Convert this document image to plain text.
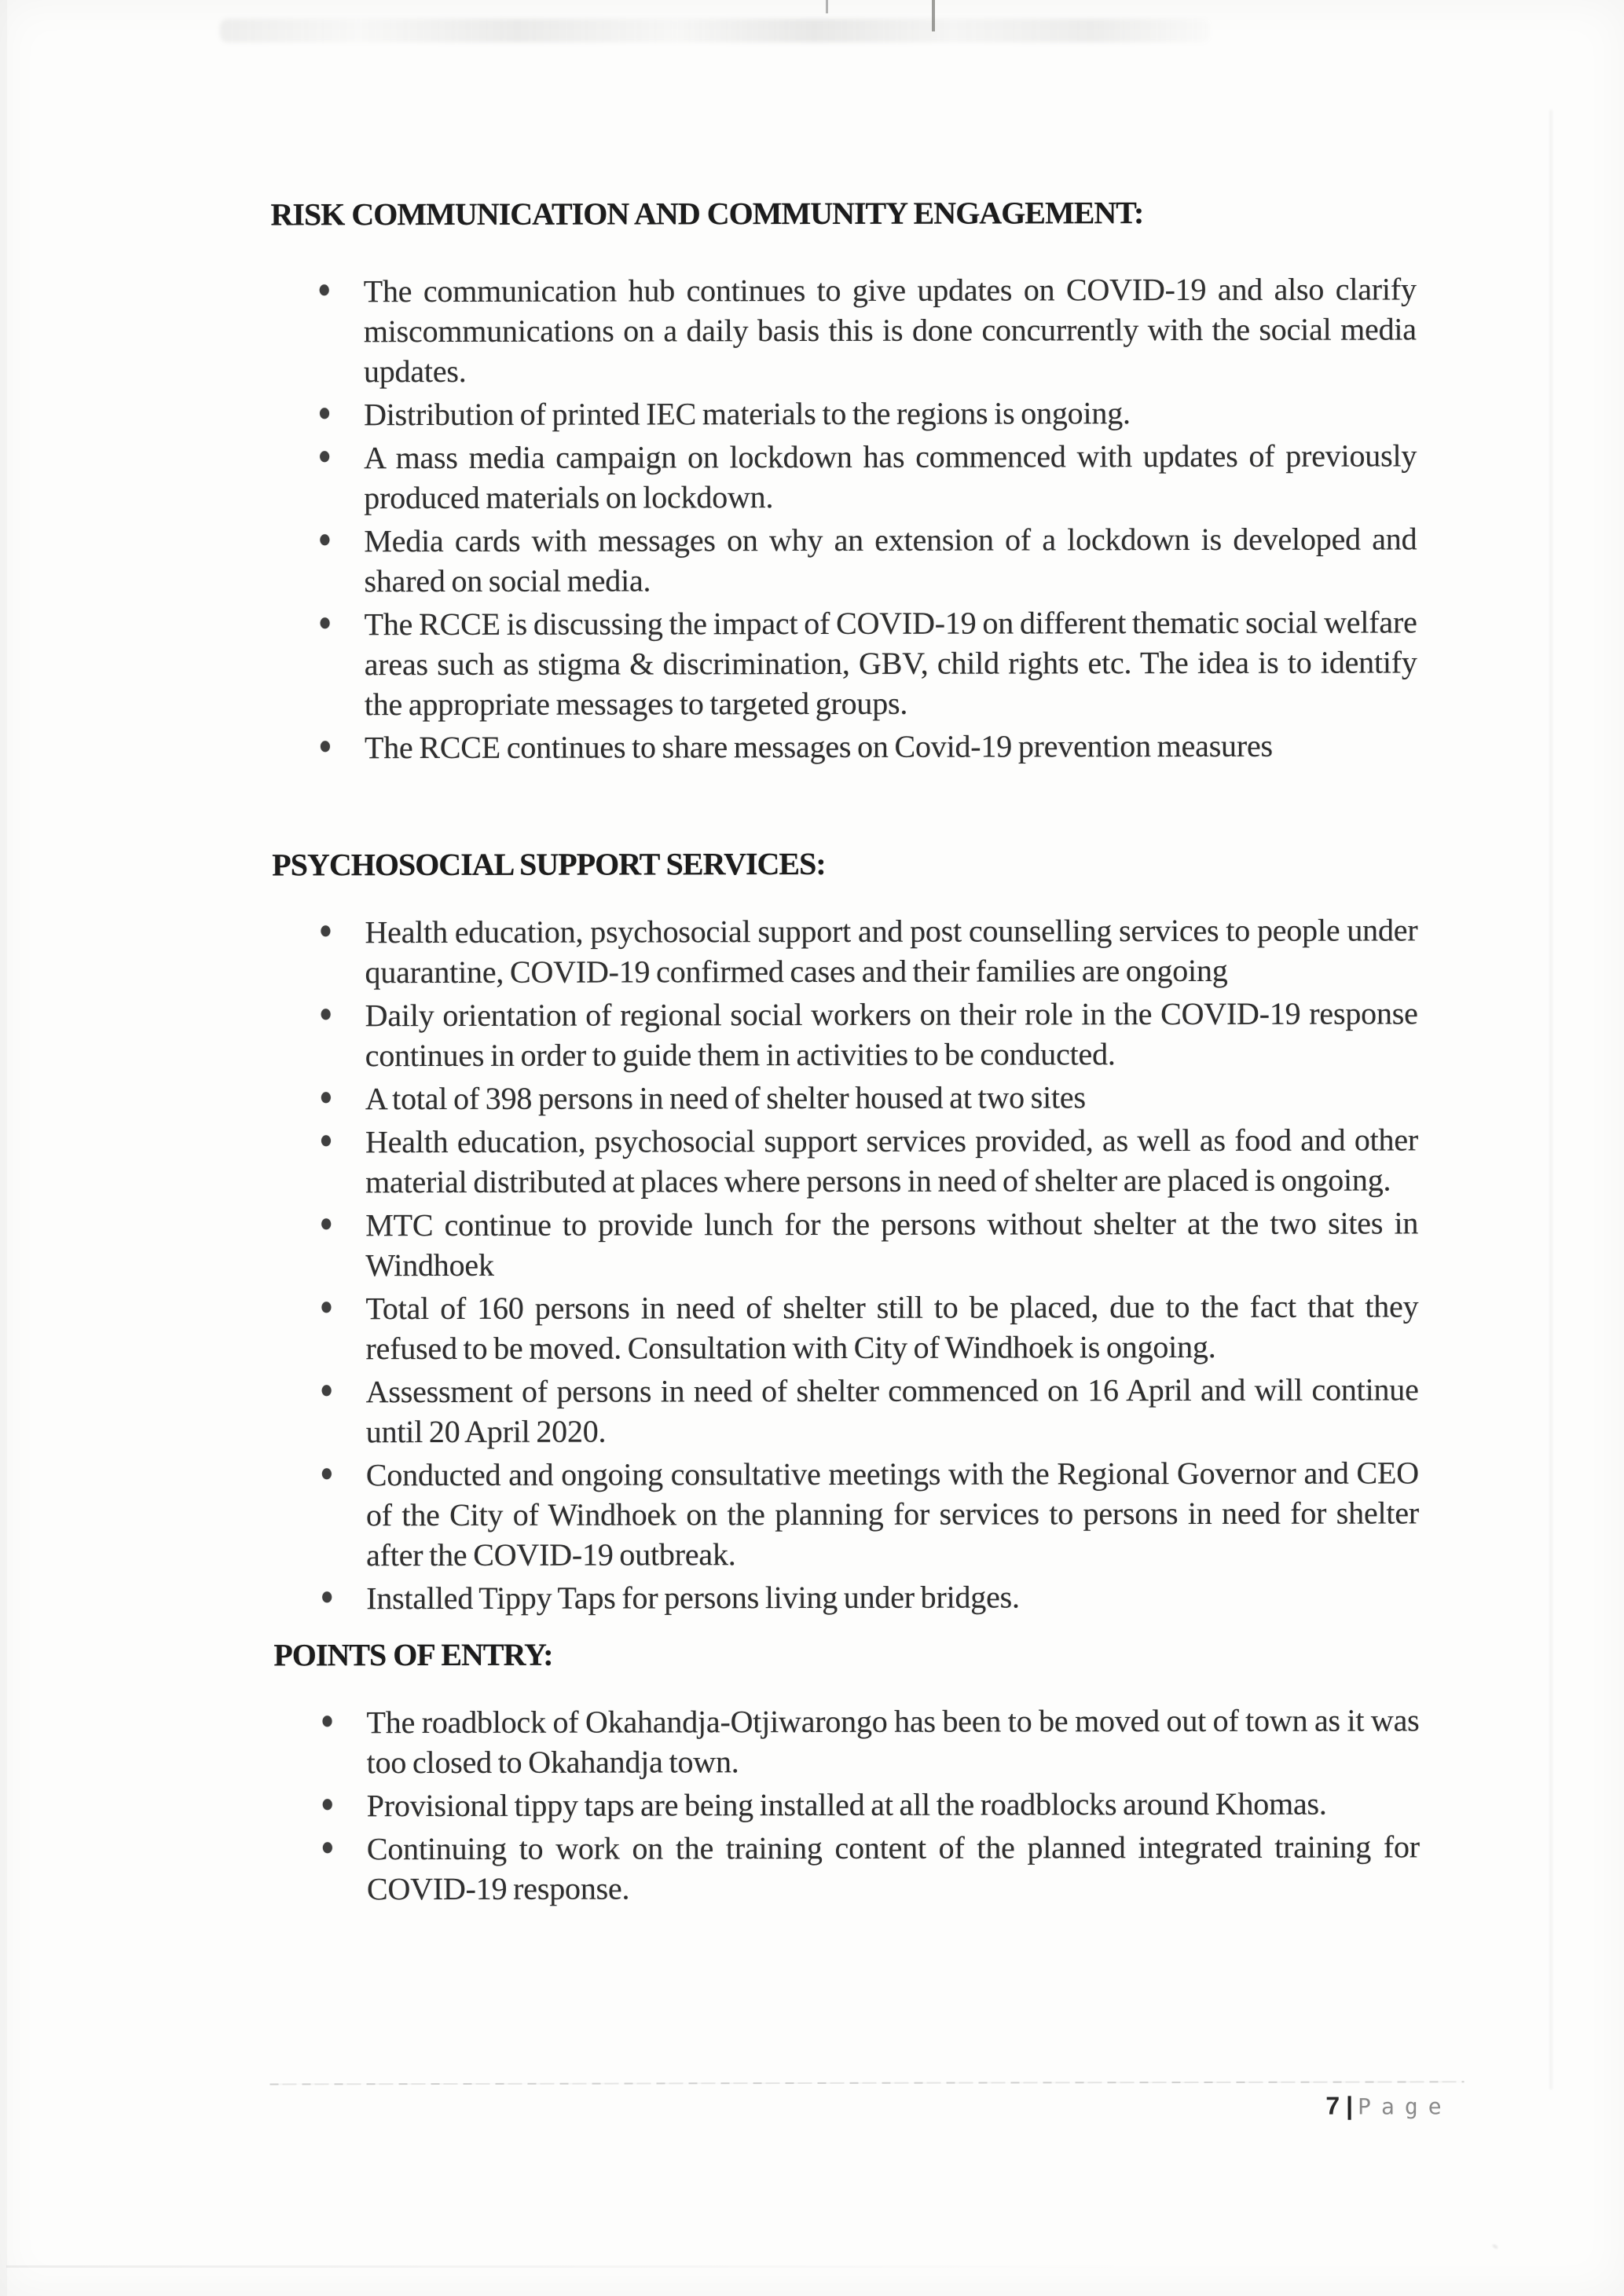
RISK COMMUNICATION AND COMMUNITY ENGAGEMENT:
The communication hub continues to give updates on COVID-19 and also clarify miscommunications on a daily basis this is done concurrently with the social media updates.
Distribution of printed IEC materials to the regions is ongoing.
A mass media campaign on lockdown has commenced with updates of previously produced materials on lockdown.
Media cards with messages on why an extension of a lockdown is developed and shared on social media.
The RCCE is discussing the impact of COVID-19 on different thematic social welfare areas such as stigma & discrimination, GBV, child rights etc. The idea is to identify the appropriate messages to targeted groups.
The RCCE continues to share messages on Covid-19 prevention measures
PSYCHOSOCIAL SUPPORT SERVICES:
Health education, psychosocial support and post counselling services to people under quarantine, COVID-19 confirmed cases and their families are ongoing
Daily orientation of regional social workers on their role in the COVID-19 response continues in order to guide them in activities to be conducted.
A total of 398 persons in need of shelter housed at two sites
Health education, psychosocial support services provided, as well as food and other material distributed at places where persons in need of shelter are placed is ongoing.
MTC continue to provide lunch for the persons without shelter at the two sites in Windhoek
Total of 160 persons in need of shelter still to be placed, due to the fact that they refused to be moved. Consultation with City of Windhoek is ongoing.
Assessment of persons in need of shelter commenced on 16 April and will continue until 20 April 2020.
Conducted and ongoing consultative meetings with the Regional Governor and CEO of the City of Windhoek on the planning for services to persons in need for shelter after the COVID-19 outbreak.
Installed Tippy Taps for persons living under bridges.
POINTS OF ENTRY:
The roadblock of Okahandja-Otjiwarongo has been to be moved out of town as it was too closed to Okahandja town.
Provisional tippy taps are being installed at all the roadblocks around Khomas.
Continuing to work on the training content of the planned integrated training for COVID-19 response.
7 | Page
